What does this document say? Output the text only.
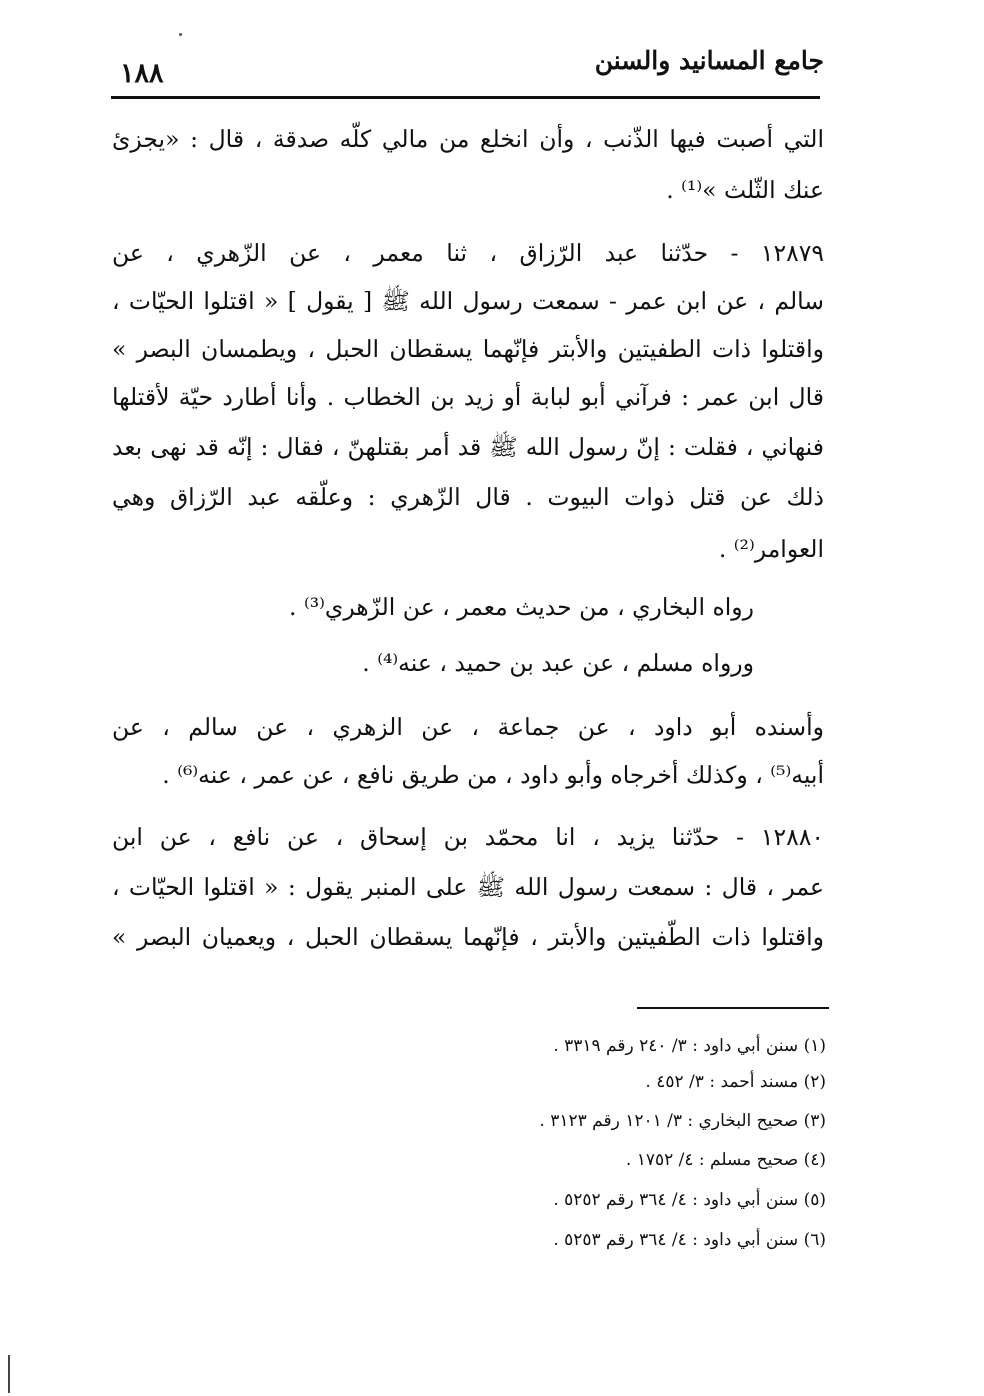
جامع المسانيد والسنن
١٨٨
التي أصبت فيها الذّنب ، وأن انخلع من مالي كلّه صدقة ، قال : «يجزئ
عنك الثّلث »⁽¹⁾ .
١٢٨٧٩ - حدّثنا عبد الرّزاق ، ثنا معمر ، عن الزّهري ، عن
سالم ، عن ابن عمر - سمعت رسول الله ﷺ [ يقول ] « اقتلوا الحيّات ،
واقتلوا ذات الطفيتين والأبتر فإنّهما يسقطان الحبل ، ويطمسان البصر »
قال ابن عمر : فرآني أبو لبابة أو زيد بن الخطاب . وأنا أطارد حيّة لأقتلها
فنهاني ، فقلت : إنّ رسول الله ﷺ قد أمر بقتلهنّ ، فقال : إنّه قد نهى بعد
ذلك عن قتل ذوات البيوت . قال الزّهري : وعلّقه عبد الرّزاق وهي
العوامر⁽²⁾ .
رواه البخاري ، من حديث معمر ، عن الزّهري⁽³⁾ .
ورواه مسلم ، عن عبد بن حميد ، عنه⁽⁴⁾ .
وأسنده أبو داود ، عن جماعة ، عن الزهري ، عن سالم ، عن
أبيه⁽⁵⁾ ، وكذلك أخرجاه وأبو داود ، من طريق نافع ، عن عمر ، عنه⁽⁶⁾ .
١٢٨٨٠ - حدّثنا يزيد ، انا محمّد بن إسحاق ، عن نافع ، عن ابن
عمر ، قال : سمعت رسول الله ﷺ على المنبر يقول : « اقتلوا الحيّات ،
واقتلوا ذات الطّفيتين والأبتر ، فإنّهما يسقطان الحبل ، ويعميان البصر »
(١) سنن أبي داود : ٣/ ٢٤٠ رقم ٣٣١٩ .
(٢) مسند أحمد : ٣/ ٤٥٢ .
(٣) صحيح البخاري : ٣/ ١٢٠١ رقم ٣١٢٣ .
(٤) صحيح مسلم : ٤/ ١٧٥٢ .
(٥) سنن أبي داود : ٤/ ٣٦٤ رقم ٥٢٥٢ .
(٦) سنن أبي داود : ٤/ ٣٦٤ رقم ٥٢٥٣ .
